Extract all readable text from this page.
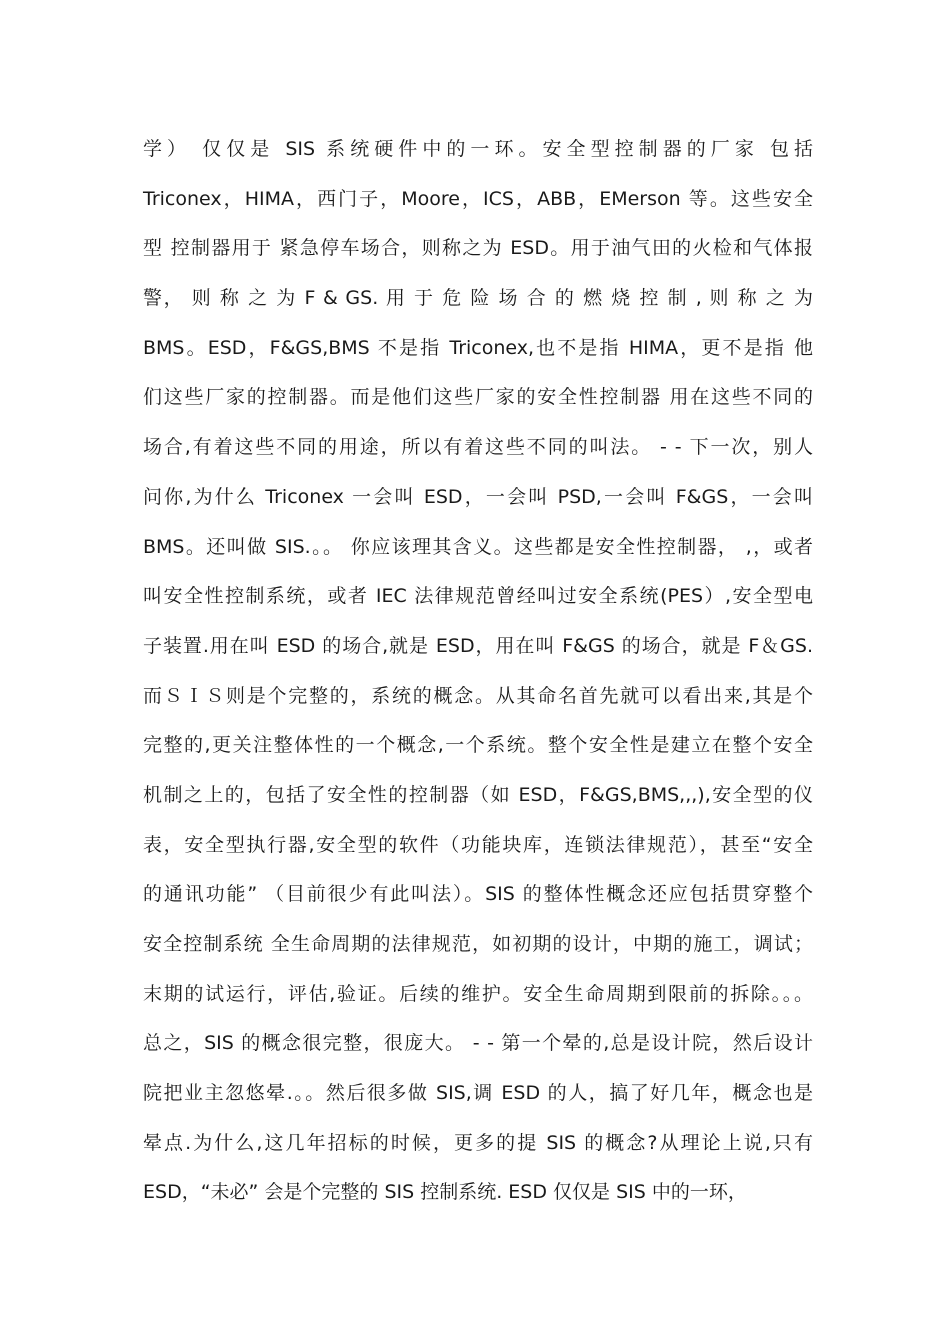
学） 仅仅是 SIS 系统硬件中的一环。安全型控制器的厂家 包括
Triconex，HIMA，西门子，Moore，ICS，ABB，EMerson 等。这些安全
型 控制器用于 紧急停车场合，则称之为 ESD。用于油气田的火检和气体报
警， 则 称 之 为 F & GS. 用 于 危 险 场 合 的 燃 烧 控 制 , 则 称 之 为
BMS。ESD，F&GS,BMS 不是指 Triconex,也不是指 HIMA，更不是指 他
们这些厂家的控制器。而是他们这些厂家的安全性控制器 用在这些不同的
场合,有着这些不同的用途，所以有着这些不同的叫法。 - - 下一次，别人
问你,为什么 Triconex 一会叫 ESD，一会叫 PSD,一会叫 F&GS，一会叫
BMS。还叫做 SIS.。。 你应该理其含义。这些都是安全性控制器， ,，或者
叫安全性控制系统，或者 IEC 法律规范曾经叫过安全系统(PES）,安全型电
子装置.用在叫 ESD 的场合,就是 ESD，用在叫 F&GS 的场合，就是 F＆GS.
而ＳＩＳ则是个完整的，系统的概念。从其命名首先就可以看出来,其是个
完整的,更关注整体性的一个概念,一个系统。整个安全性是建立在整个安全
机制之上的，包括了安全性的控制器（如 ESD，F&GS,BMS,,,),安全型的仪
表，安全型执行器,安全型的软件（功能块库，连锁法律规范），甚至“安全
的通讯功能” （目前很少有此叫法）。SIS 的整体性概念还应包括贯穿整个
安全控制系统 全生命周期的法律规范，如初期的设计，中期的施工，调试；
末期的试运行，评估,验证。后续的维护。安全生命周期到限前的拆除。。。
总之，SIS 的概念很完整，很庞大。 - - 第一个晕的,总是设计院，然后设计
院把业主忽悠晕.。。然后很多做 SIS,调 ESD 的人，搞了好几年，概念也是
晕点.为什么,这几年招标的时候，更多的提 SIS 的概念?从理论上说,只有
ESD，“未必” 会是个完整的 SIS 控制系统. ESD 仅仅是 SIS 中的一环，
